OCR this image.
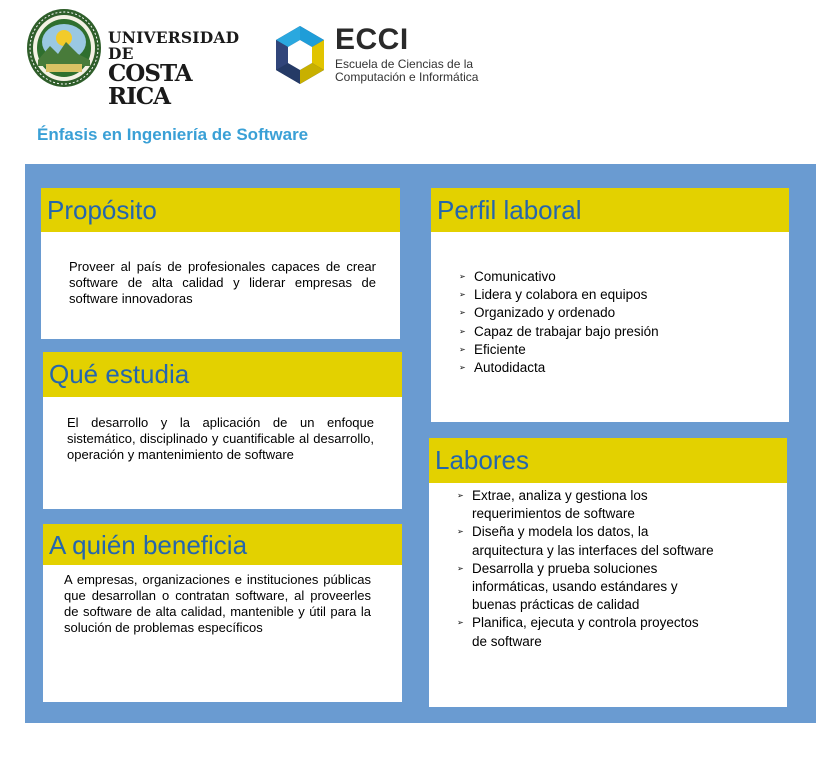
UNIVERSIDAD DE
COSTA RICA
ECCI
Escuela de Ciencias de la
Computación e Informática
Énfasis en Ingeniería de Software
Propósito
Proveer al país de profesionales capaces de crear software de alta calidad y liderar empresas de software innovadoras
Qué estudia
El desarrollo y la aplicación de un enfoque sistemático, disciplinado y cuantificable al desarrollo, operación y mantenimiento de software
A quién beneficia
A empresas, organizaciones e instituciones públicas que desarrollan o contratan software, al proveerles de software de alta calidad, mantenible y útil para la solución de problemas específicos
Perfil laboral
➢ Comunicativo
➢ Lidera y colabora en equipos
➢ Organizado y ordenado
➢ Capaz de trabajar bajo presión
➢ Eficiente
➢ Autodidacta
Labores
➢ Extrae, analiza y gestiona los requerimientos de software
➢ Diseña y modela los datos, la arquitectura y las interfaces del software
➢ Desarrolla y prueba soluciones informáticas, usando estándares y buenas prácticas de calidad
➢ Planifica, ejecuta y controla proyectos de software
